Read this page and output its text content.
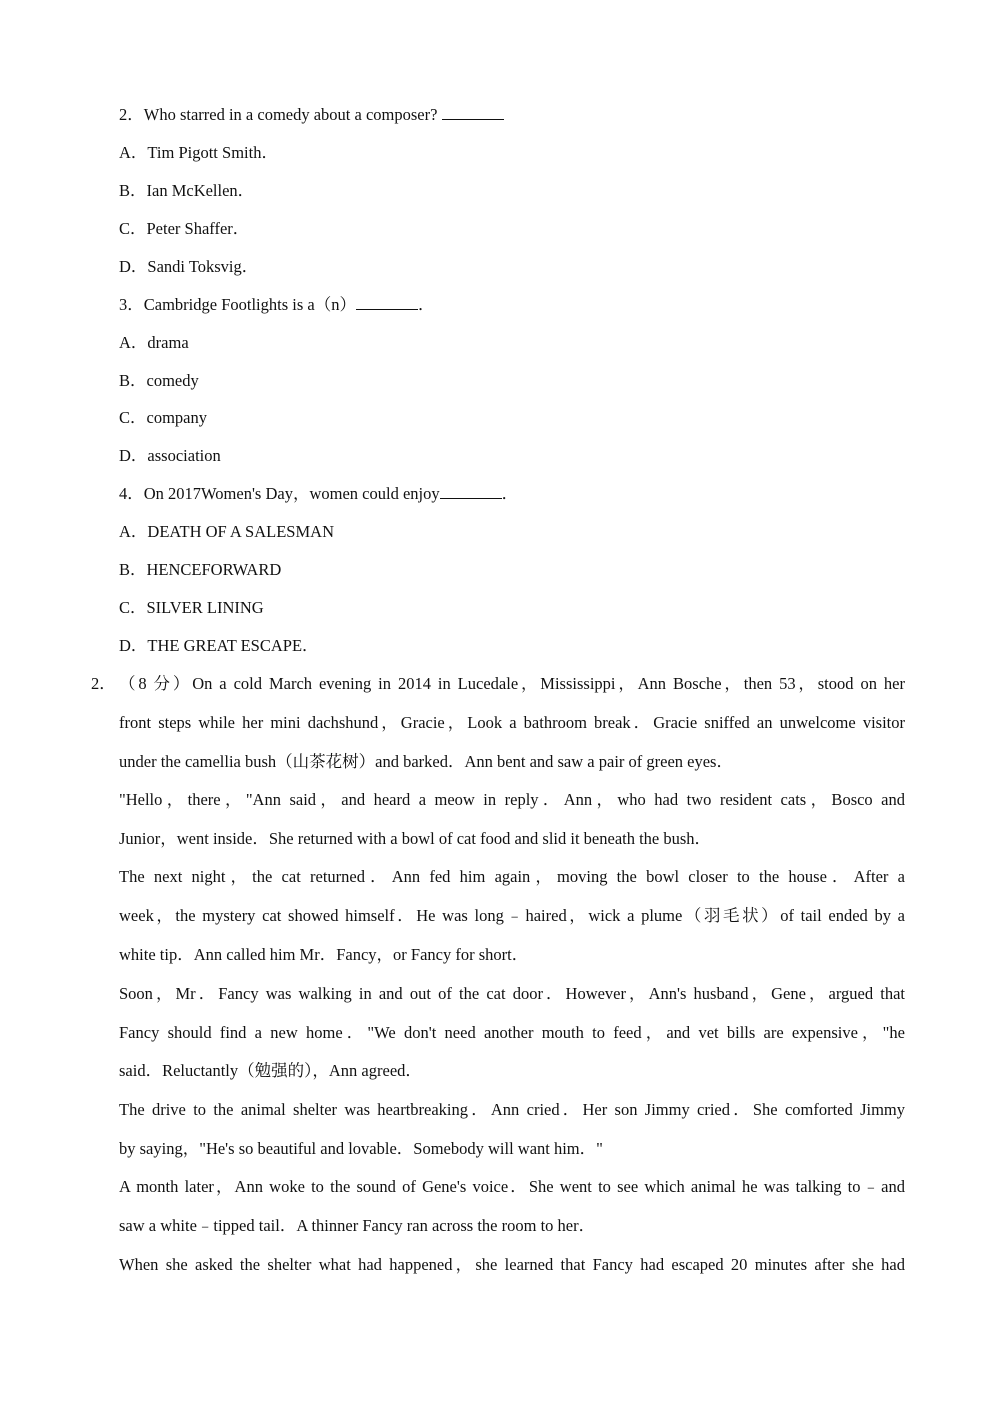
2．Who starred in a comedy about a composer?
A．Tim Pigott Smith．
B．Ian McKellen．
C．Peter Shaffer．
D．Sandi Toksvig．
3．Cambridge Footlights is a（n）	．
A．drama
B．comedy
C．company
D．association
4．On 2017Women's Day，women could enjoy	．
A．DEATH OF A SALESMAN
B．HENCEFORWARD
C．SILVER LINING
D．THE GREAT ESCAPE．
2． （8 分）On a cold March evening in 2014 in Lucedale，Mississippi，Ann Bosche，then 53，stood on her
front steps while her mini dachshund，Gracie，Look a bathroom break．Gracie sniffed an unwelcome visitor
under the camellia bush（山茶花树）and barked．Ann bent and saw a pair of green eyes．
"Hello，there，"Ann said，and heard a meow in reply．Ann，who had two resident cats，Bosco and
Junior，went inside．She returned with a bowl of cat food and slid it beneath the bush．
The next night，the cat returned．Ann fed him again，moving the bowl closer to the house．After a
week，the mystery cat showed himself．He was long﹣haired，wick a plume（羽毛状）of tail ended by a
white tip．Ann called him Mr．Fancy，or Fancy for short．
Soon，Mr．Fancy was walking in and out of the cat door．However，Ann's husband，Gene，argued that
Fancy should find a new home．"We don't need another mouth to feed，and vet bills are expensive，"he
said．Reluctantly（勉强的），Ann agreed．
The drive to the animal shelter was heartbreaking．Ann cried．Her son Jimmy cried．She comforted Jimmy
by saying，"He's so beautiful and lovable．Somebody will want him．"
A month later，Ann woke to the sound of Gene's voice．She went to see which animal he was talking to﹣and
saw a white﹣tipped tail．A thinner Fancy ran across the room to her．
When she asked the shelter what had happened，she learned that Fancy had escaped 20 minutes after she had
